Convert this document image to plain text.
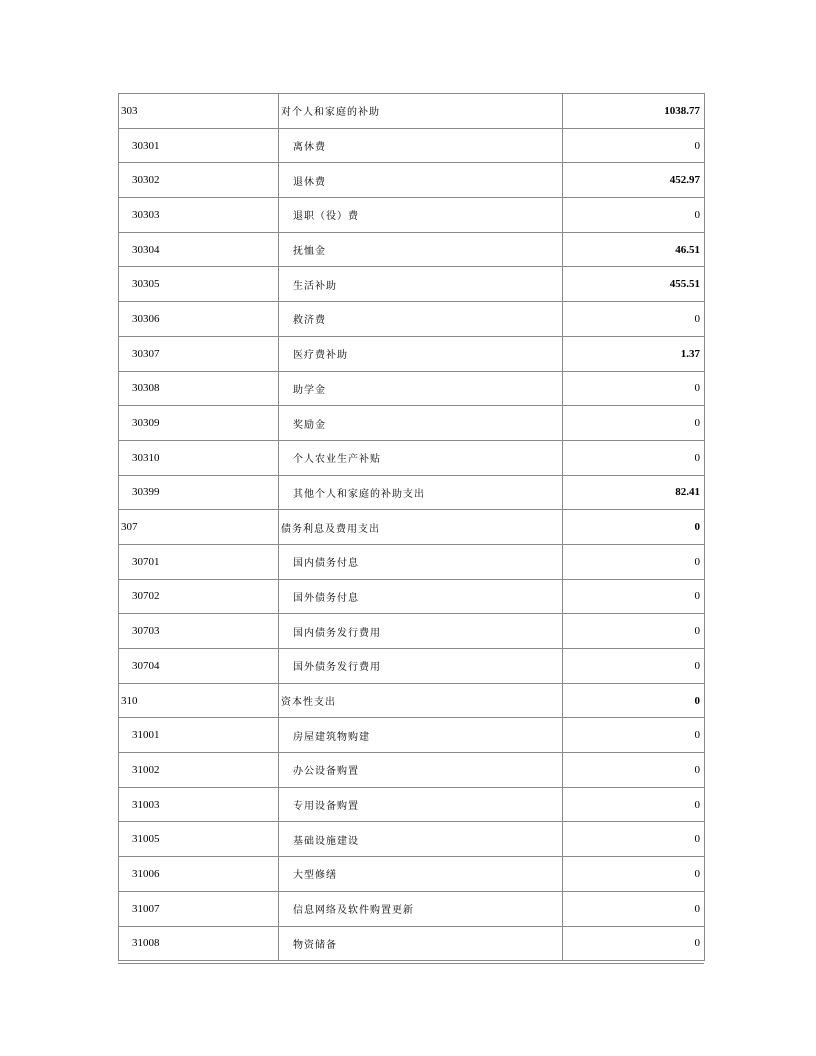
303	对个人和家庭的补助	1038.77
30301	离休费	0
30302	退休费	452.97
30303	退职（役）费	0
30304	抚恤金	46.51
30305	生活补助	455.51
30306	救济费	0
30307	医疗费补助	1.37
30308	助学金	0
30309	奖励金	0
30310	个人农业生产补贴	0
30399	其他个人和家庭的补助支出	82.41
307	债务利息及费用支出	0
30701	国内债务付息	0
30702	国外债务付息	0
30703	国内债务发行费用	0
30704	国外债务发行费用	0
310	资本性支出	0
31001	房屋建筑物购建	0
31002	办公设备购置	0
31003	专用设备购置	0
31005	基础设施建设	0
31006	大型修缮	0
31007	信息网络及软件购置更新	0
31008	物资储备	0
